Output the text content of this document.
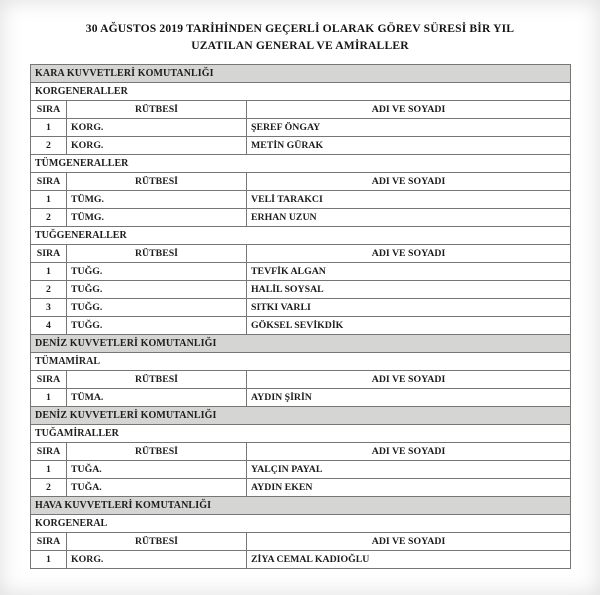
30 AĞUSTOS 2019 TARİHİNDEN GEÇERLİ OLARAK GÖREV SÜRESİ BİR YIL
UZATILAN GENERAL VE AMİRALLER
KARA KUVVETLERİ KOMUTANLIĞI		
KORGENERALLER		
SIRA	RÜTBESİ	ADI VE SOYADI
1	KORG.	ŞEREF ÖNGAY
2	KORG.	METİN GÜRAK
TÜMGENERALLER		
SIRA	RÜTBESİ	ADI VE SOYADI
1	TÜMG.	VELİ TARAKCI
2	TÜMG.	ERHAN UZUN
TUĞGENERALLER		
SIRA	RÜTBESİ	ADI VE SOYADI
1	TUĞG.	TEVFİK ALGAN
2	TUĞG.	HALİL SOYSAL
3	TUĞG.	SITKI VARLI
4	TUĞG.	GÖKSEL SEVİKDİK
DENİZ KUVVETLERİ KOMUTANLIĞI		
TÜMAMİRAL		
SIRA	RÜTBESİ	ADI VE SOYADI
1	TÜMA.	AYDIN ŞİRİN
DENİZ KUVVETLERİ KOMUTANLIĞI		
TUĞAMİRALLER		
SIRA	RÜTBESİ	ADI VE SOYADI
1	TUĞA.	YALÇIN PAYAL
2	TUĞA.	AYDIN EKEN
HAVA KUVVETLERİ KOMUTANLIĞI		
KORGENERAL		
SIRA	RÜTBESİ	ADI VE SOYADI
1	KORG.	ZİYA CEMAL KADIOĞLU
